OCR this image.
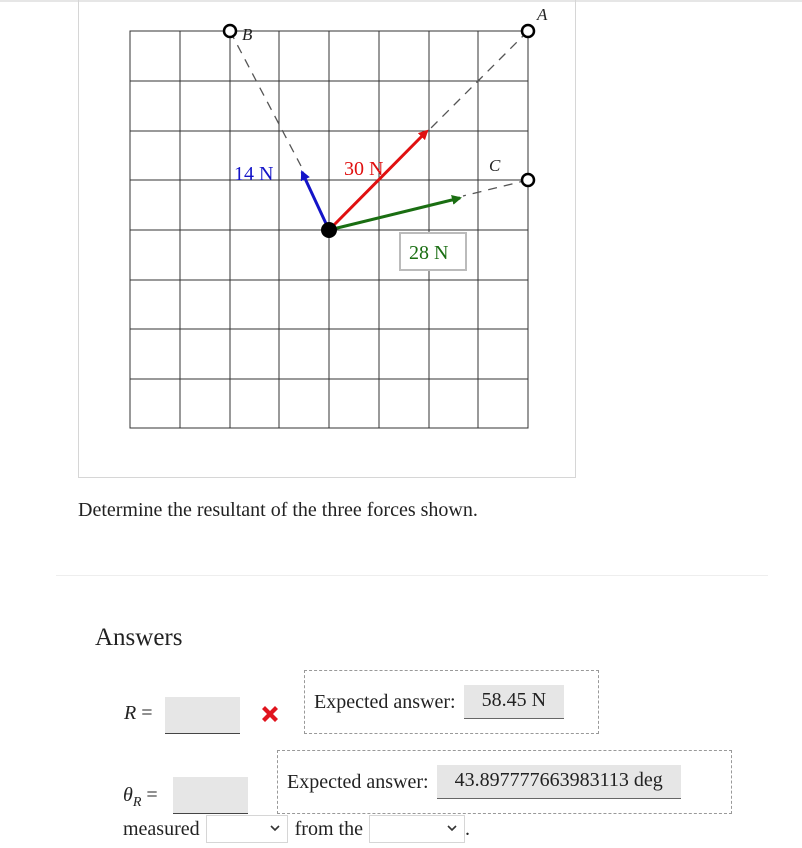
A
B
C
14 N	30 N
28 N
Determine the resultant of the three forces shown.
Answers
R =
Expected answer:	58.45 N
Expected answer:	43.897777663983113 deg
$\theta_R$ =
measured	from the	.
